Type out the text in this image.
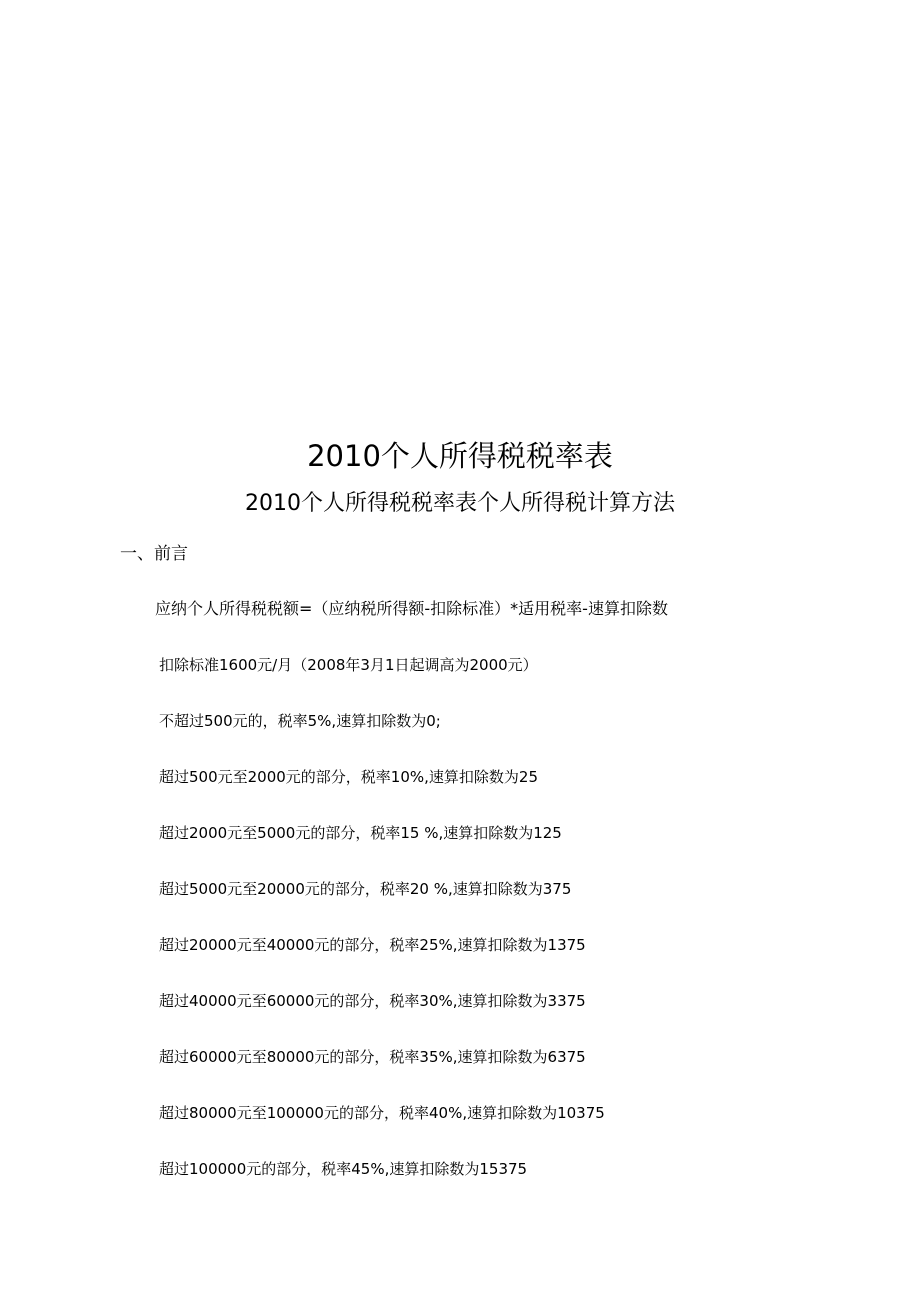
2010个人所得税税率表
2010个人所得税税率表个人所得税计算方法
一、前言
应纳个人所得税税额=（应纳税所得额-扣除标准）*适用税率-速算扣除数
扣除标准1600元/月（2008年3月1日起调高为2000元）
不超过500元的，税率5%,速算扣除数为0;
超过500元至2000元的部分，税率10%,速算扣除数为25
超过2000元至5000元的部分，税率15 %,速算扣除数为125
超过5000元至20000元的部分，税率20 %,速算扣除数为375
超过20000元至40000元的部分，税率25%,速算扣除数为1375
超过40000元至60000元的部分，税率30%,速算扣除数为3375
超过60000元至80000元的部分，税率35%,速算扣除数为6375
超过80000元至100000元的部分，税率40%,速算扣除数为10375
超过100000元的部分，税率45%,速算扣除数为15375
